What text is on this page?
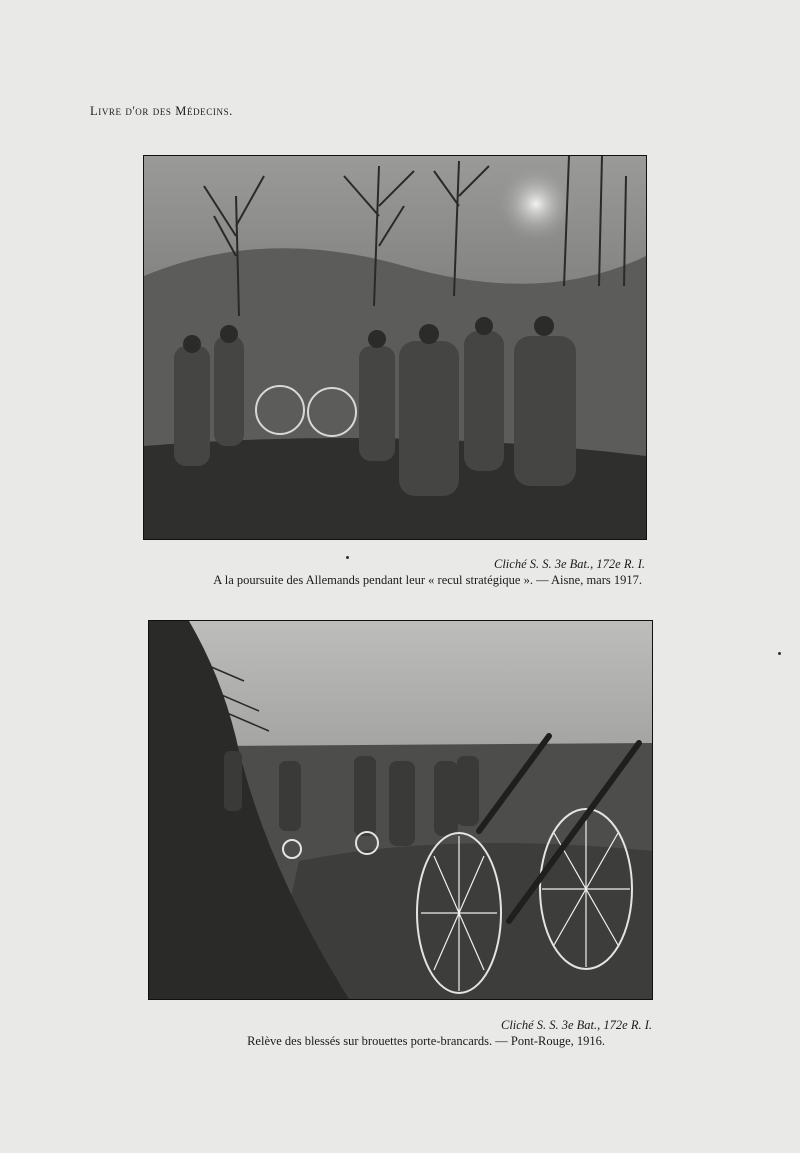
Livre d'or des Médecins.
Cliché S. S. 3e Bat., 172e R. I.
A la poursuite des Allemands pendant leur « recul stratégique ». — Aisne, mars 1917.
Cliché S. S. 3e Bat., 172e R. I.
Relève des blessés sur brouettes porte-brancards. — Pont-Rouge, 1916.
